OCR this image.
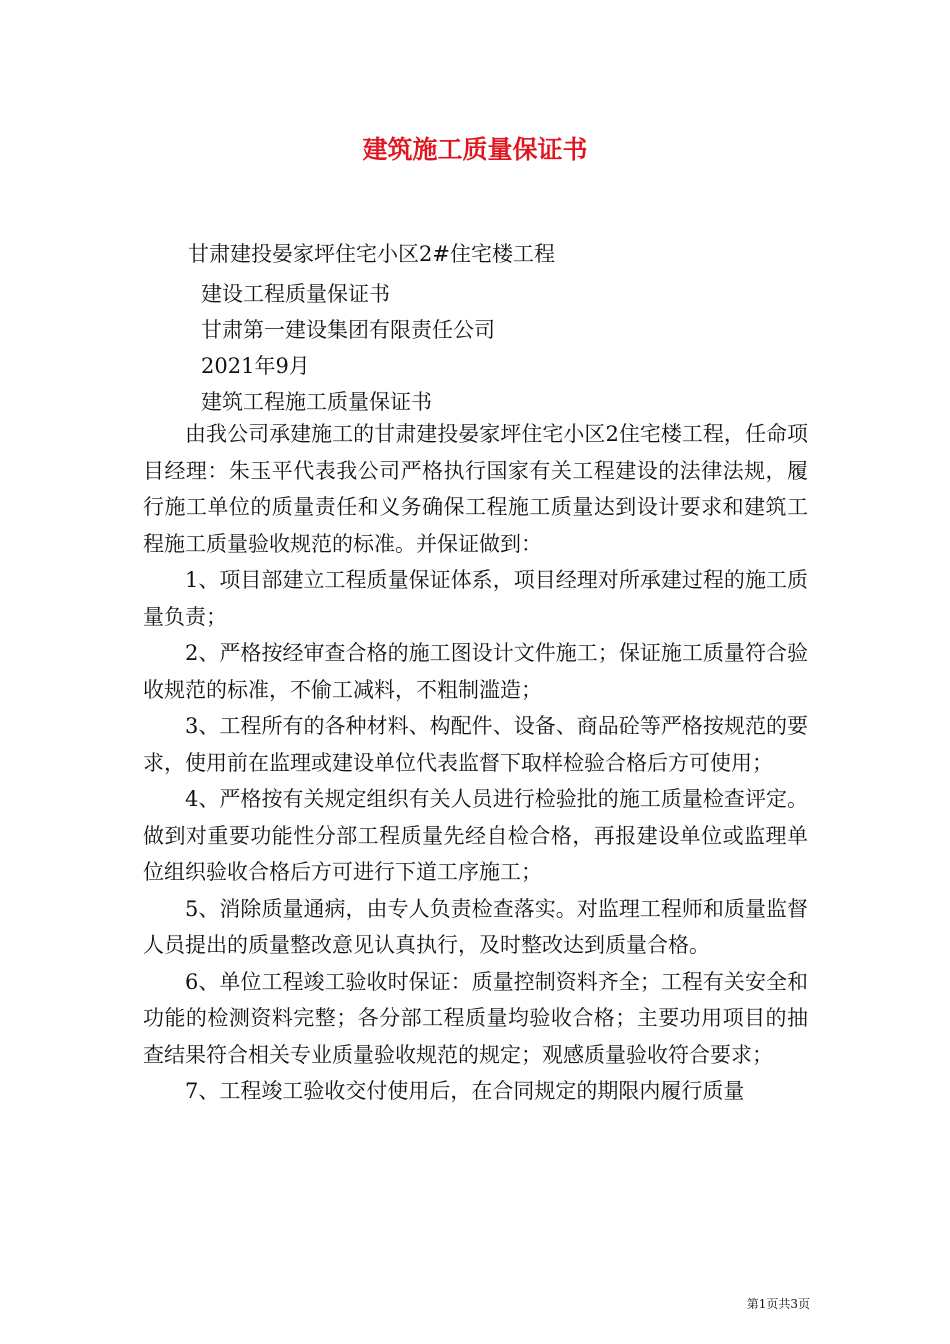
建筑施工质量保证书

甘肃建投晏家坪住宅小区2#住宅楼工程

建设工程质量保证书

甘肃第一建设集团有限责任公司

2021年9月

建筑工程施工质量保证书

由我公司承建施工的甘肃建投晏家坪住宅小区2住宅楼工程，任命项目经理：朱玉平代表我公司严格执行国家有关工程建设的法律法规，履行施工单位的质量责任和义务确保工程施工质量达到设计要求和建筑工程施工质量验收规范的标准。并保证做到：

1、项目部建立工程质量保证体系，项目经理对所承建过程的施工质量负责；

2、严格按经审查合格的施工图设计文件施工；保证施工质量符合验收规范的标准，不偷工减料，不粗制滥造；

3、工程所有的各种材料、构配件、设备、商品砼等严格按规范的要求，使用前在监理或建设单位代表监督下取样检验合格后方可使用；

4、严格按有关规定组织有关人员进行检验批的施工质量检查评定。做到对重要功能性分部工程质量先经自检合格，再报建设单位或监理单位组织验收合格后方可进行下道工序施工；

5、消除质量通病，由专人负责检查落实。对监理工程师和质量监督人员提出的质量整改意见认真执行，及时整改达到质量合格。

6、单位工程竣工验收时保证：质量控制资料齐全；工程有关安全和功能的检测资料完整；各分部工程质量均验收合格；主要功用项目的抽查结果符合相关专业质量验收规范的规定；观感质量验收符合要求；

7、工程竣工验收交付使用后，在合同规定的期限内履行质量

第1页共3页
